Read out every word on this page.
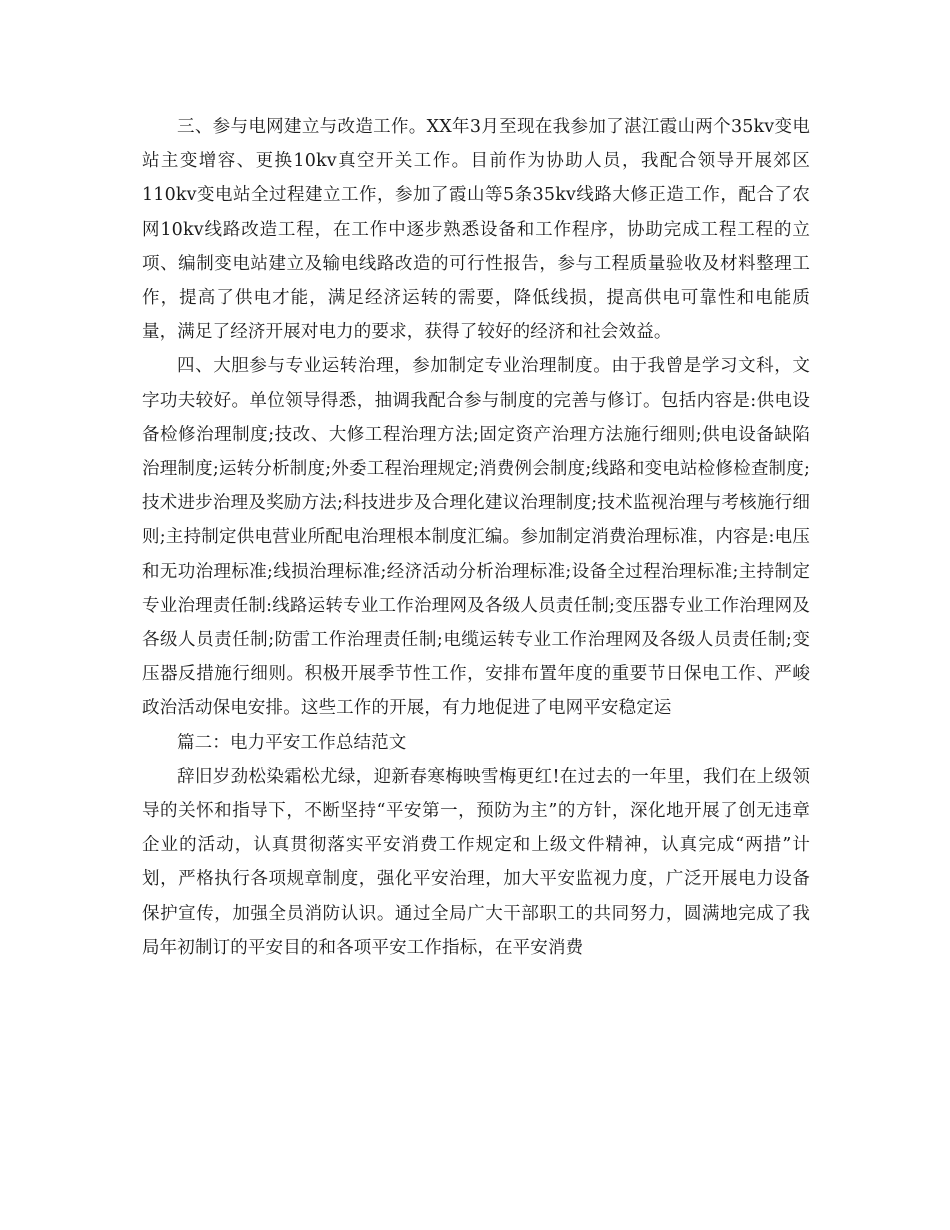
三、参与电网建立与改造工作。XX年3月至现在我参加了湛江霞山两个35kv变电站主变增容、更换10kv真空开关工作。目前作为协助人员，我配合领导开展郊区110kv变电站全过程建立工作，参加了霞山等5条35kv线路大修正造工作，配合了农网10kv线路改造工程，在工作中逐步熟悉设备和工作程序，协助完成工程工程的立项、编制变电站建立及输电线路改造的可行性报告，参与工程质量验收及材料整理工作，提高了供电才能，满足经济运转的需要，降低线损，提高供电可靠性和电能质量，满足了经济开展对电力的要求，获得了较好的经济和社会效益。

四、大胆参与专业运转治理，参加制定专业治理制度。由于我曾是学习文科，文字功夫较好。单位领导得悉，抽调我配合参与制度的完善与修订。包括内容是:供电设备检修治理制度;技改、大修工程治理方法;固定资产治理方法施行细则;供电设备缺陷治理制度;运转分析制度;外委工程治理规定;消费例会制度;线路和变电站检修检查制度;技术进步治理及奖励方法;科技进步及合理化建议治理制度;技术监视治理与考核施行细则;主持制定供电营业所配电治理根本制度汇编。参加制定消费治理标准，内容是:电压和无功治理标准;线损治理标准;经济活动分析治理标准;设备全过程治理标准;主持制定专业治理责任制:线路运转专业工作治理网及各级人员责任制;变压器专业工作治理网及各级人员责任制;防雷工作治理责任制;电缆运转专业工作治理网及各级人员责任制;变压器反措施行细则。积极开展季节性工作，安排布置年度的重要节日保电工作、严峻政治活动保电安排。这些工作的开展，有力地促进了电网平安稳定运

篇二：电力平安工作总结范文

辞旧岁劲松染霜松尤绿，迎新春寒梅映雪梅更红!在过去的一年里，我们在上级领导的关怀和指导下，不断坚持“平安第一，预防为主”的方针，深化地开展了创无违章企业的活动，认真贯彻落实平安消费工作规定和上级文件精神，认真完成“两措”计划，严格执行各项规章制度，强化平安治理，加大平安监视力度，广泛开展电力设备保护宣传，加强全员消防认识。通过全局广大干部职工的共同努力，圆满地完成了我局年初制订的平安目的和各项平安工作指标，在平安消费
